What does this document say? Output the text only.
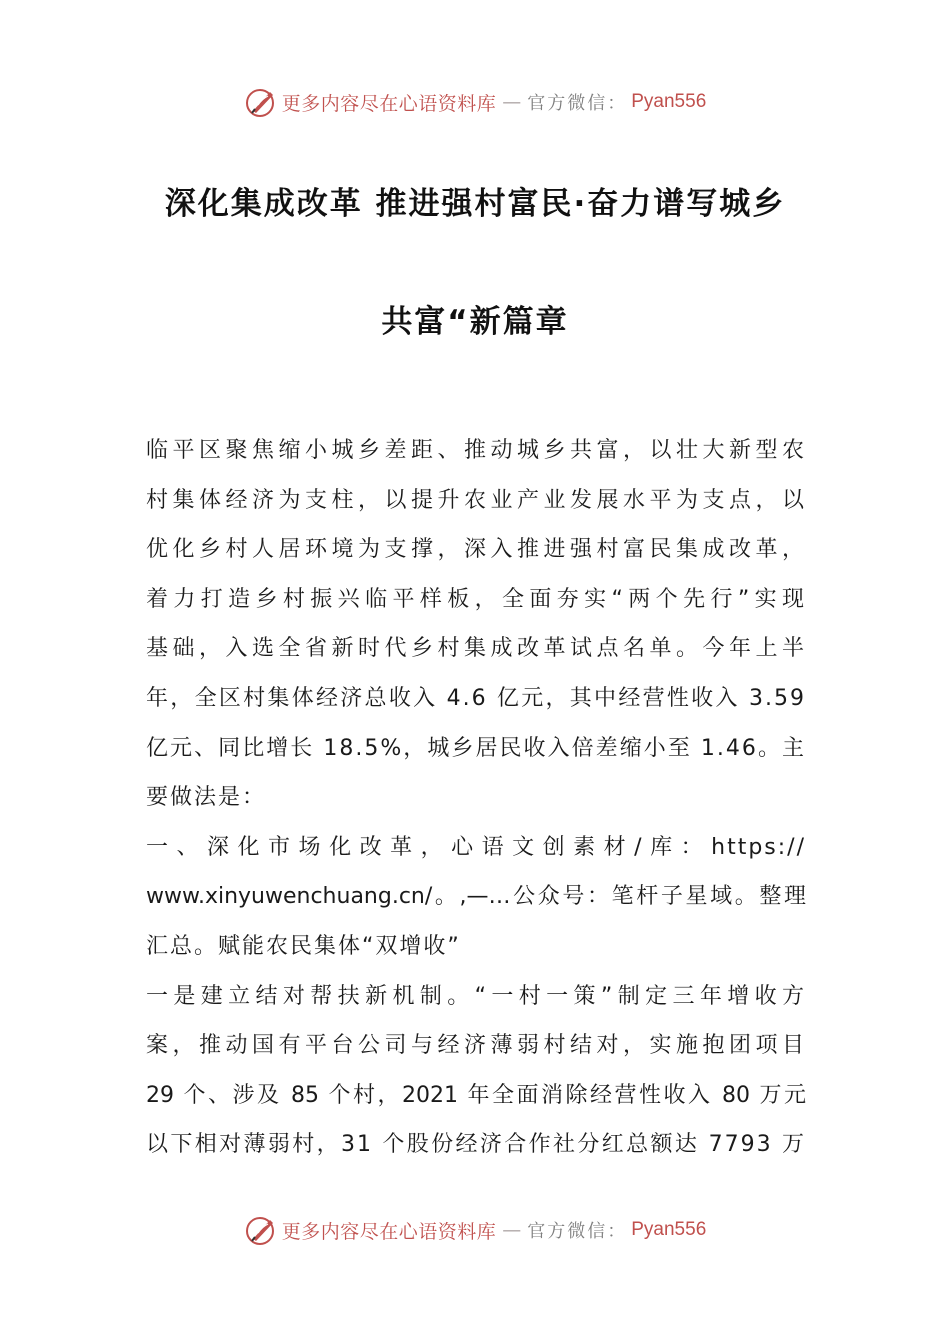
更多内容尽在心语资料库 — 官方微信： Pyan556
深化集成改革 推进强村富民·奋力谱写城乡
共富“新篇章
临平区聚焦缩小城乡差距、推动城乡共富，以壮大新型农
村集体经济为支柱，以提升农业产业发展水平为支点，以
优化乡村人居环境为支撑，深入推进强村富民集成改革，
着力打造乡村振兴临平样板，全面夯实“两个先行”实现
基础，入选全省新时代乡村集成改革试点名单。今年上半
年，全区村集体经济总收入 4.6 亿元，其中经营性收入 3.59
亿元、同比增长 18.5%，城乡居民收入倍差缩小至 1.46。主
要做法是：
一、深化市场化改革，心语文创素材/库：https://
www.xinyuwenchuang.cn/。,—…公众号：笔杆子星域。整理
汇总。赋能农民集体“双增收”
一是建立结对帮扶新机制。“一村一策”制定三年增收方
案，推动国有平台公司与经济薄弱村结对，实施抱团项目
29 个、涉及 85 个村，2021 年全面消除经营性收入 80 万元
以下相对薄弱村，31 个股份经济合作社分红总额达 7793 万
更多内容尽在心语资料库 — 官方微信： Pyan556
